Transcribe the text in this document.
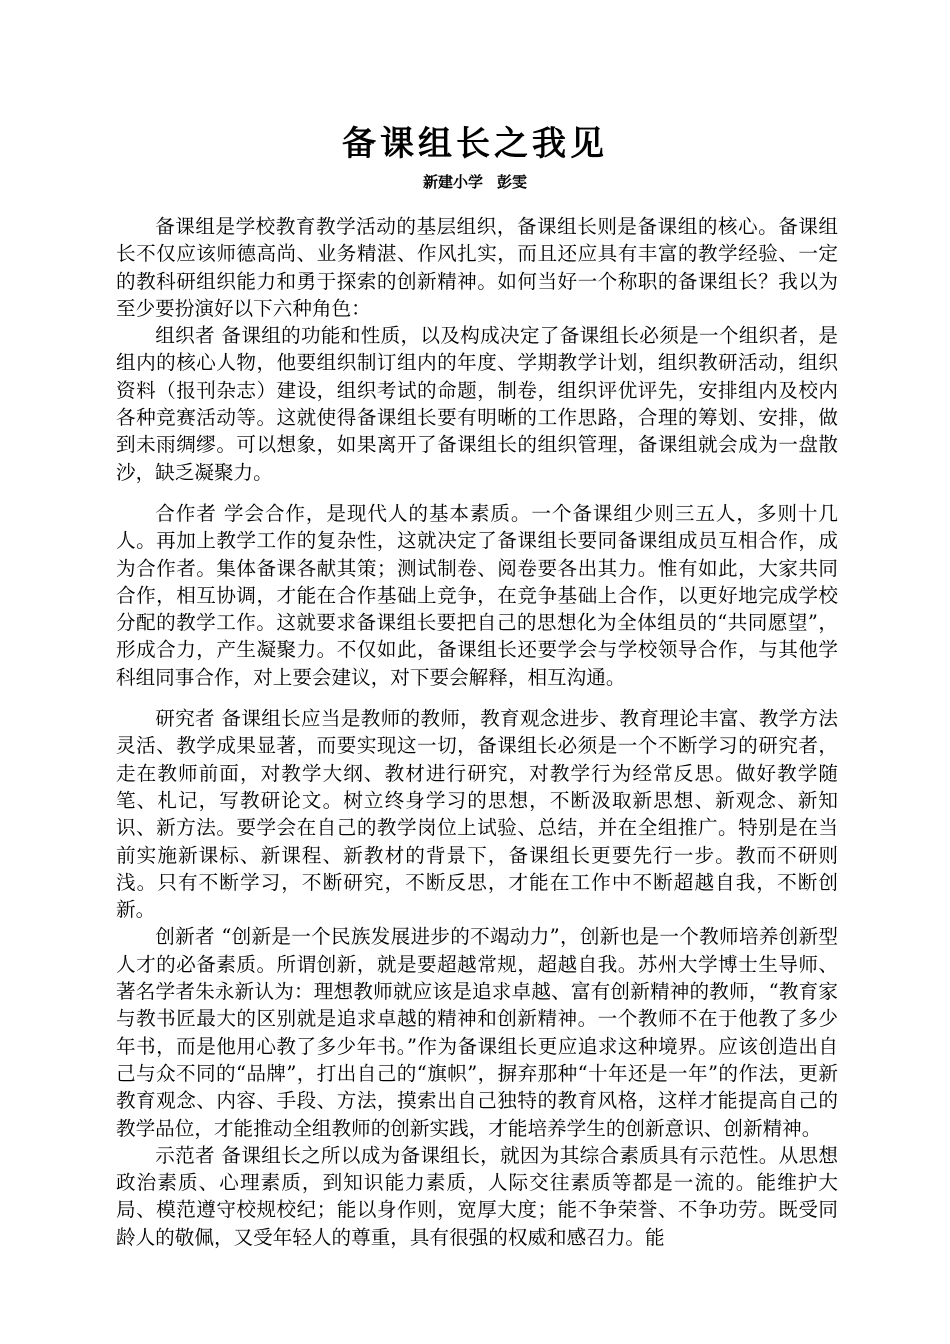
备课组长之我见
新建小学 彭雯

备课组是学校教育教学活动的基层组织，备课组长则是备课组的核心。备课组长不仅应该师德高尚、业务精湛、作风扎实，而且还应具有丰富的教学经验、一定的教科研组织能力和勇于探索的创新精神。如何当好一个称职的备课组长？我以为至少要扮演好以下六种角色：

组织者 备课组的功能和性质，以及构成决定了备课组长必须是一个组织者，是组内的核心人物，他要组织制订组内的年度、学期教学计划，组织教研活动，组织资料（报刊杂志）建设，组织考试的命题，制卷，组织评优评先，安排组内及校内各种竞赛活动等。这就使得备课组长要有明晰的工作思路，合理的筹划、安排，做到未雨绸缪。可以想象，如果离开了备课组长的组织管理，备课组就会成为一盘散沙，缺乏凝聚力。

合作者 学会合作，是现代人的基本素质。一个备课组少则三五人，多则十几人。再加上教学工作的复杂性，这就决定了备课组长要同备课组成员互相合作，成为合作者。集体备课各献其策；测试制卷、阅卷要各出其力。惟有如此，大家共同合作，相互协调，才能在合作基础上竞争，在竞争基础上合作，以更好地完成学校分配的教学工作。这就要求备课组长要把自己的思想化为全体组员的“共同愿望”，形成合力，产生凝聚力。不仅如此，备课组长还要学会与学校领导合作，与其他学科组同事合作，对上要会建议，对下要会解释，相互沟通。

研究者 备课组长应当是教师的教师，教育观念进步、教育理论丰富、教学方法灵活、教学成果显著，而要实现这一切，备课组长必须是一个不断学习的研究者，走在教师前面，对教学大纲、教材进行研究，对教学行为经常反思。做好教学随笔、札记，写教研论文。树立终身学习的思想，不断汲取新思想、新观念、新知识、新方法。要学会在自己的教学岗位上试验、总结，并在全组推广。特别是在当前实施新课标、新课程、新教材的背景下，备课组长更要先行一步。教而不研则浅。只有不断学习，不断研究，不断反思，才能在工作中不断超越自我，不断创新。

创新者 “创新是一个民族发展进步的不竭动力”，创新也是一个教师培养创新型人才的必备素质。所谓创新，就是要超越常规，超越自我。苏州大学博士生导师、著名学者朱永新认为：理想教师就应该是追求卓越、富有创新精神的教师，“教育家与教书匠最大的区别就是追求卓越的精神和创新精神。一个教师不在于他教了多少年书，而是他用心教了多少年书。”作为备课组长更应追求这种境界。应该创造出自己与众不同的“品牌”，打出自己的“旗帜”，摒弃那种“十年还是一年”的作法，更新教育观念、内容、手段、方法，摸索出自己独特的教育风格，这样才能提高自己的教学品位，才能推动全组教师的创新实践，才能培养学生的创新意识、创新精神。

示范者 备课组长之所以成为备课组长，就因为其综合素质具有示范性。从思想政治素质、心理素质，到知识能力素质，人际交往素质等都是一流的。能维护大局、模范遵守校规校纪；能以身作则，宽厚大度；能不争荣誉、不争功劳。既受同龄人的敬佩，又受年轻人的尊重，具有很强的权威和感召力。能
